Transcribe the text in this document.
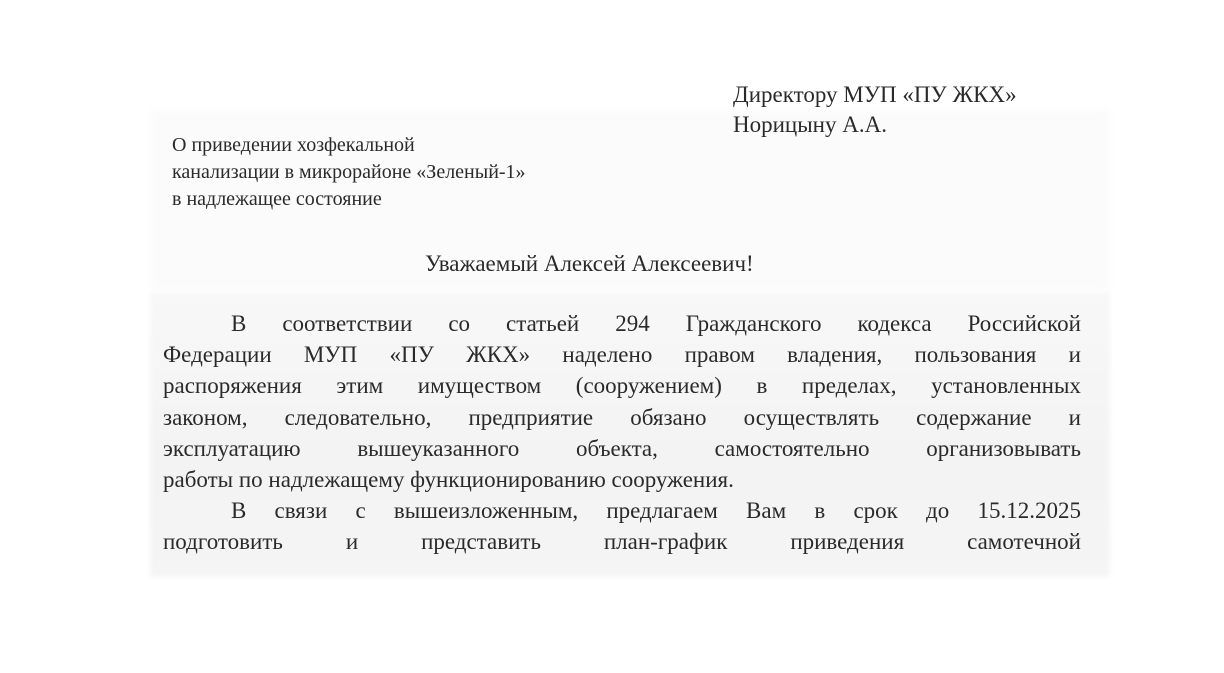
Директору МУП «ПУ ЖКХ»
Норицыну А.А.
О приведении хозфекальной
канализации в микрорайоне «Зеленый-1»
в надлежащее состояние
Уважаемый Алексей Алексеевич!
В соответствии со статьей 294 Гражданского кодекса Российской
Федерации МУП «ПУ ЖКХ» наделено правом владения, пользования и
распоряжения этим имуществом (сооружением) в пределах, установленных
законом, следовательно, предприятие обязано осуществлять содержание и
эксплуатацию вышеуказанного объекта, самостоятельно организовывать
работы по надлежащему функционированию сооружения.
В связи с вышеизложенным, предлагаем Вам в срок до 15.12.2025
подготовить	и	представить	план-график	приведения	самотечной
